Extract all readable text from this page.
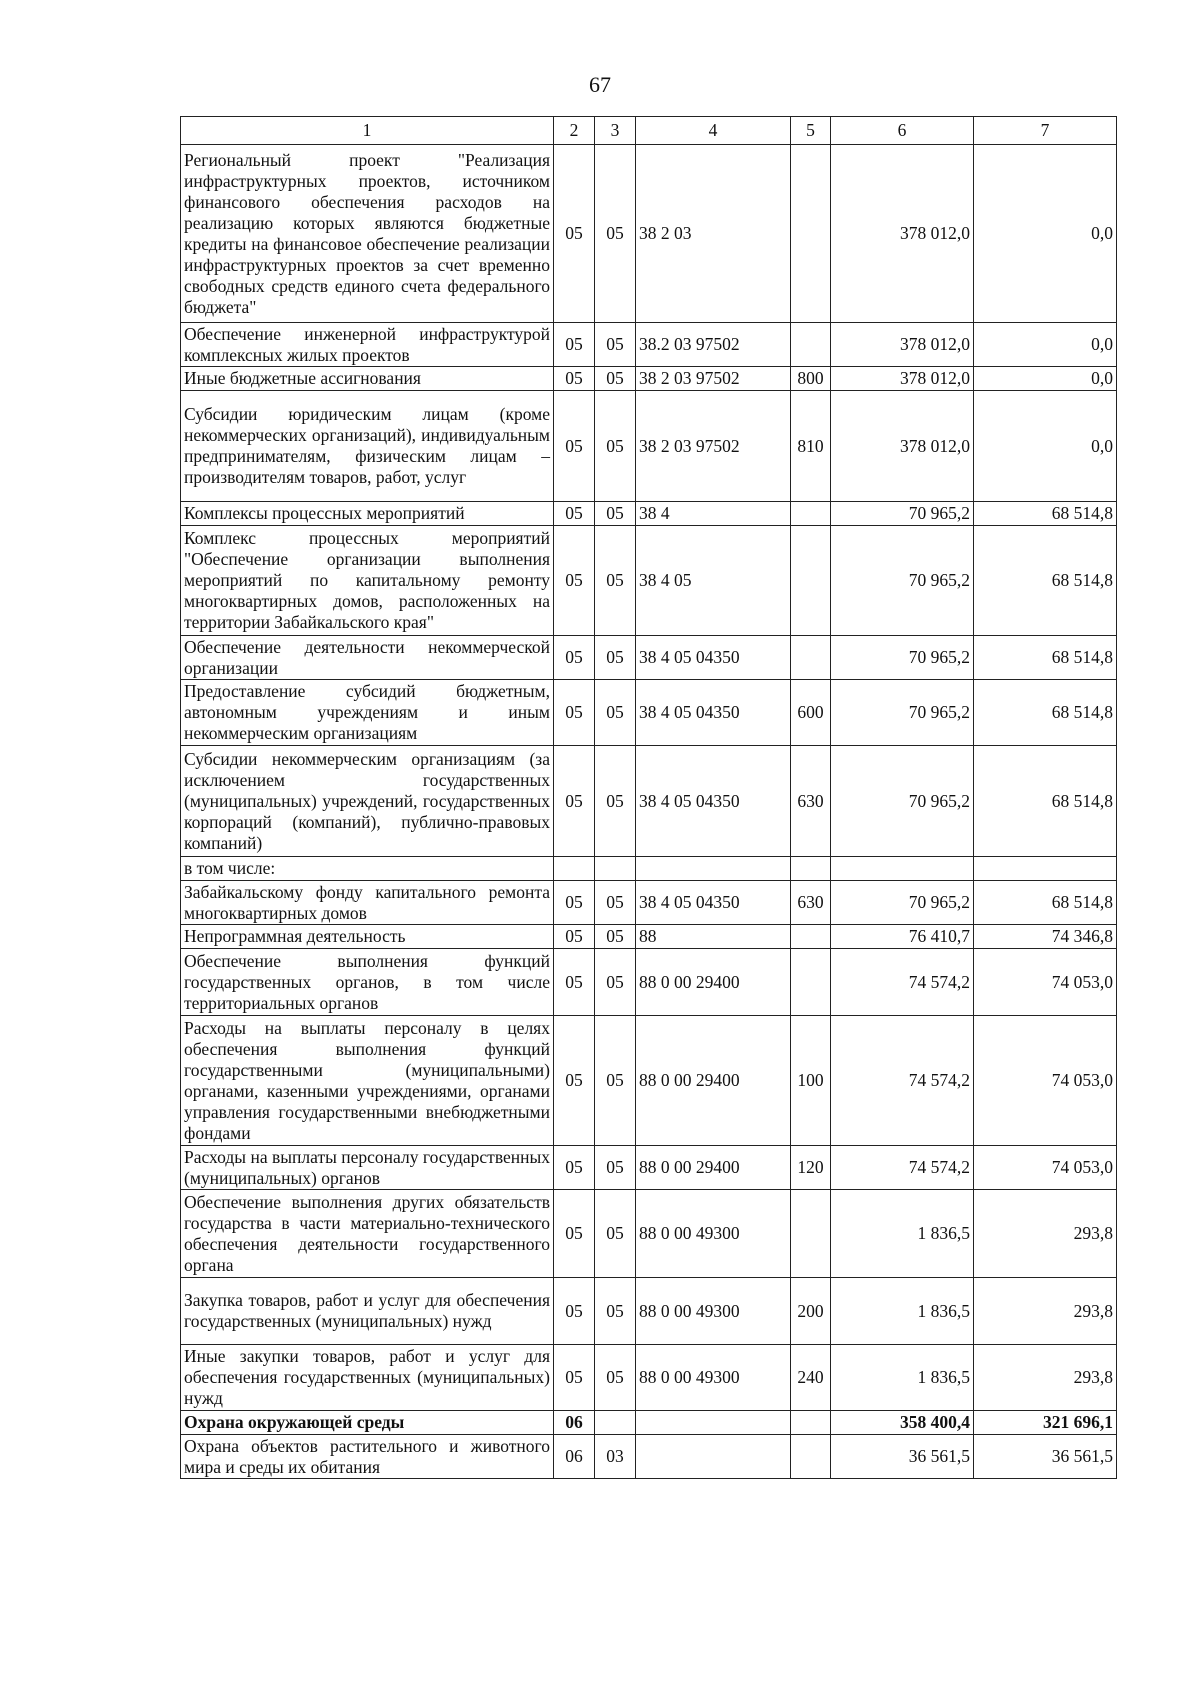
67
1	2	3	4	5	6	7
Региональный проект "Реализация инфраструктурных проектов, источником финансового обеспечения расходов на реализацию которых являются бюджетные кредиты на финансовое обеспечение реализации инфраструктурных проектов за счет временно свободных средств единого счета федерального бюджета"	05	05	38 2 03		378 012,0	0,0
Обеспечение инженерной инфраструктурой комплексных жилых проектов	05	05	38.2 03 97502		378 012,0	0,0
Иные бюджетные ассигнования	05	05	38 2 03 97502	800	378 012,0	0,0
Субсидии юридическим лицам (кроме некоммерческих организаций), индивидуальным предпринимателям, физическим лицам – производителям товаров, работ, услуг	05	05	38 2 03 97502	810	378 012,0	0,0
Комплексы процессных мероприятий	05	05	38 4		70 965,2	68 514,8
Комплекс процессных мероприятий "Обеспечение организации выполнения мероприятий по капитальному ремонту многоквартирных домов, расположенных на территории Забайкальского края"	05	05	38 4 05		70 965,2	68 514,8
Обеспечение деятельности некоммерческой организации	05	05	38 4 05 04350		70 965,2	68 514,8
Предоставление субсидий бюджетным, автономным учреждениям и иным некоммерческим организациям	05	05	38 4 05 04350	600	70 965,2	68 514,8
Субсидии некоммерческим организациям (за исключением государственных (муниципальных) учреждений, государственных корпораций (компаний), публично-правовых компаний)	05	05	38 4 05 04350	630	70 965,2	68 514,8
в том числе:						
Забайкальскому фонду капитального ремонта многоквартирных домов	05	05	38 4 05 04350	630	70 965,2	68 514,8
Непрограммная деятельность	05	05	88		76 410,7	74 346,8
Обеспечение выполнения функций государственных органов, в том числе территориальных органов	05	05	88 0 00 29400		74 574,2	74 053,0
Расходы на выплаты персоналу в целях обеспечения выполнения функций государственными (муниципальными) органами, казенными учреждениями, органами управления государственными внебюджетными фондами	05	05	88 0 00 29400	100	74 574,2	74 053,0
Расходы на выплаты персоналу государственных (муниципальных) органов	05	05	88 0 00 29400	120	74 574,2	74 053,0
Обеспечение выполнения других обязательств государства в части материально-технического обеспечения деятельности государственного органа	05	05	88 0 00 49300		1 836,5	293,8
Закупка товаров, работ и услуг для обеспечения государственных (муниципальных) нужд	05	05	88 0 00 49300	200	1 836,5	293,8
Иные закупки товаров, работ и услуг для обеспечения государственных (муниципальных) нужд	05	05	88 0 00 49300	240	1 836,5	293,8
Охрана окружающей среды	06				358 400,4	321 696,1
Охрана объектов растительного и животного мира и среды их обитания	06	03			36 561,5	36 561,5
